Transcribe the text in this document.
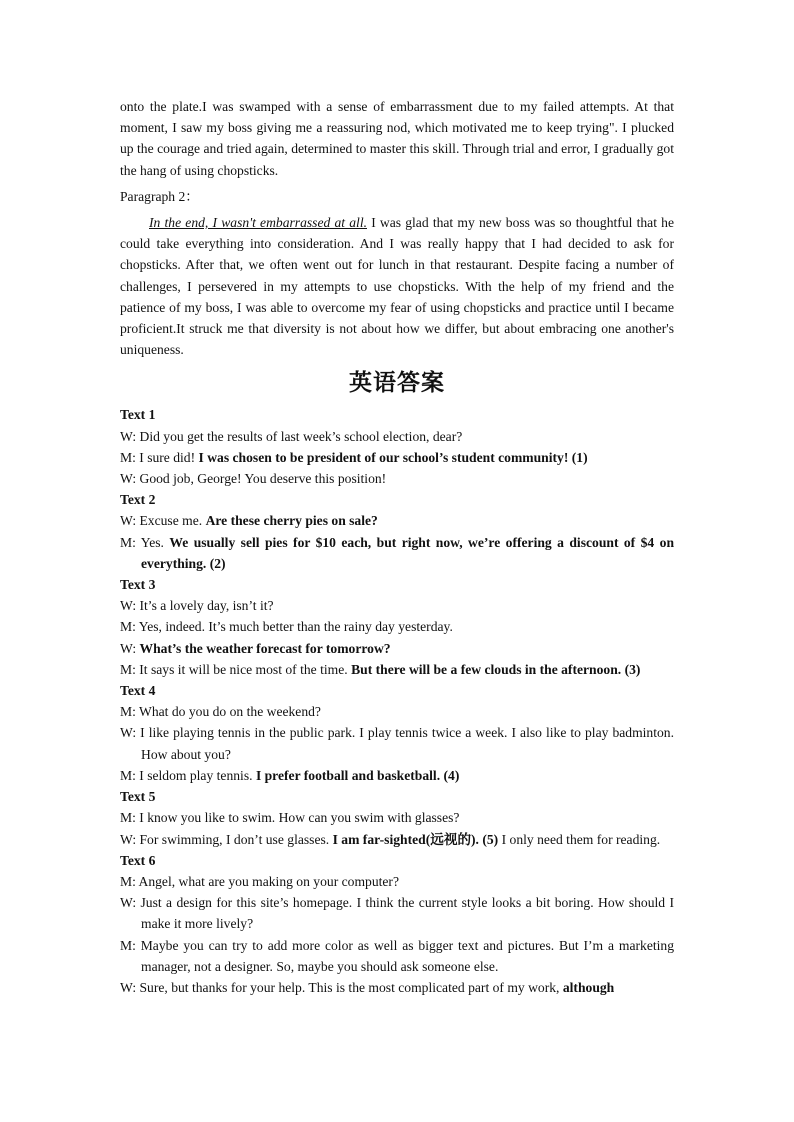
onto the plate.I was swamped with a sense of embarrassment due to my failed attempts. At that moment, I saw my boss giving me a reassuring nod, which motivated me to keep trying". I plucked up the courage and tried again, determined to master this skill. Through trial and error, I gradually got the hang of using chopsticks.

Paragraph 2：

In the end, I wasn't embarrassed at all. I was glad that my new boss was so thoughtful that he could take everything into consideration. And I was really happy that I had decided to ask for chopsticks. After that, we often went out for lunch in that restaurant. Despite facing a number of challenges, I persevered in my attempts to use chopsticks. With the help of my friend and the patience of my boss, I was able to overcome my fear of using chopsticks and practice until I became proficient.It struck me that diversity is not about how we differ, but about embracing one another's uniqueness.

英语答案

Text 1

W: Did you get the results of last week’s school election, dear?

M: I sure did! I was chosen to be president of our school’s student community! (1)

W: Good job, George! You deserve this position!

Text 2

W: Excuse me. Are these cherry pies on sale?

M: Yes. We usually sell pies for $10 each, but right now, we’re offering a discount of $4 on everything. (2)

Text 3

W: It’s a lovely day, isn’t it?

M: Yes, indeed. It’s much better than the rainy day yesterday.

W: What’s the weather forecast for tomorrow?

M: It says it will be nice most of the time. But there will be a few clouds in the afternoon. (3)

Text 4

M: What do you do on the weekend?

W: I like playing tennis in the public park. I play tennis twice a week. I also like to play badminton. How about you?

M: I seldom play tennis. I prefer football and basketball. (4)

Text 5

M: I know you like to swim. How can you swim with glasses?

W: For swimming, I don’t use glasses. I am far-sighted(远视的). (5) I only need them for reading.

Text 6

M: Angel, what are you making on your computer?

W: Just a design for this site’s homepage. I think the current style looks a bit boring. How should I make it more lively?

M: Maybe you can try to add more color as well as bigger text and pictures. But I’m a marketing manager, not a designer. So, maybe you should ask someone else.

W: Sure, but thanks for your help. This is the most complicated part of my work, although
